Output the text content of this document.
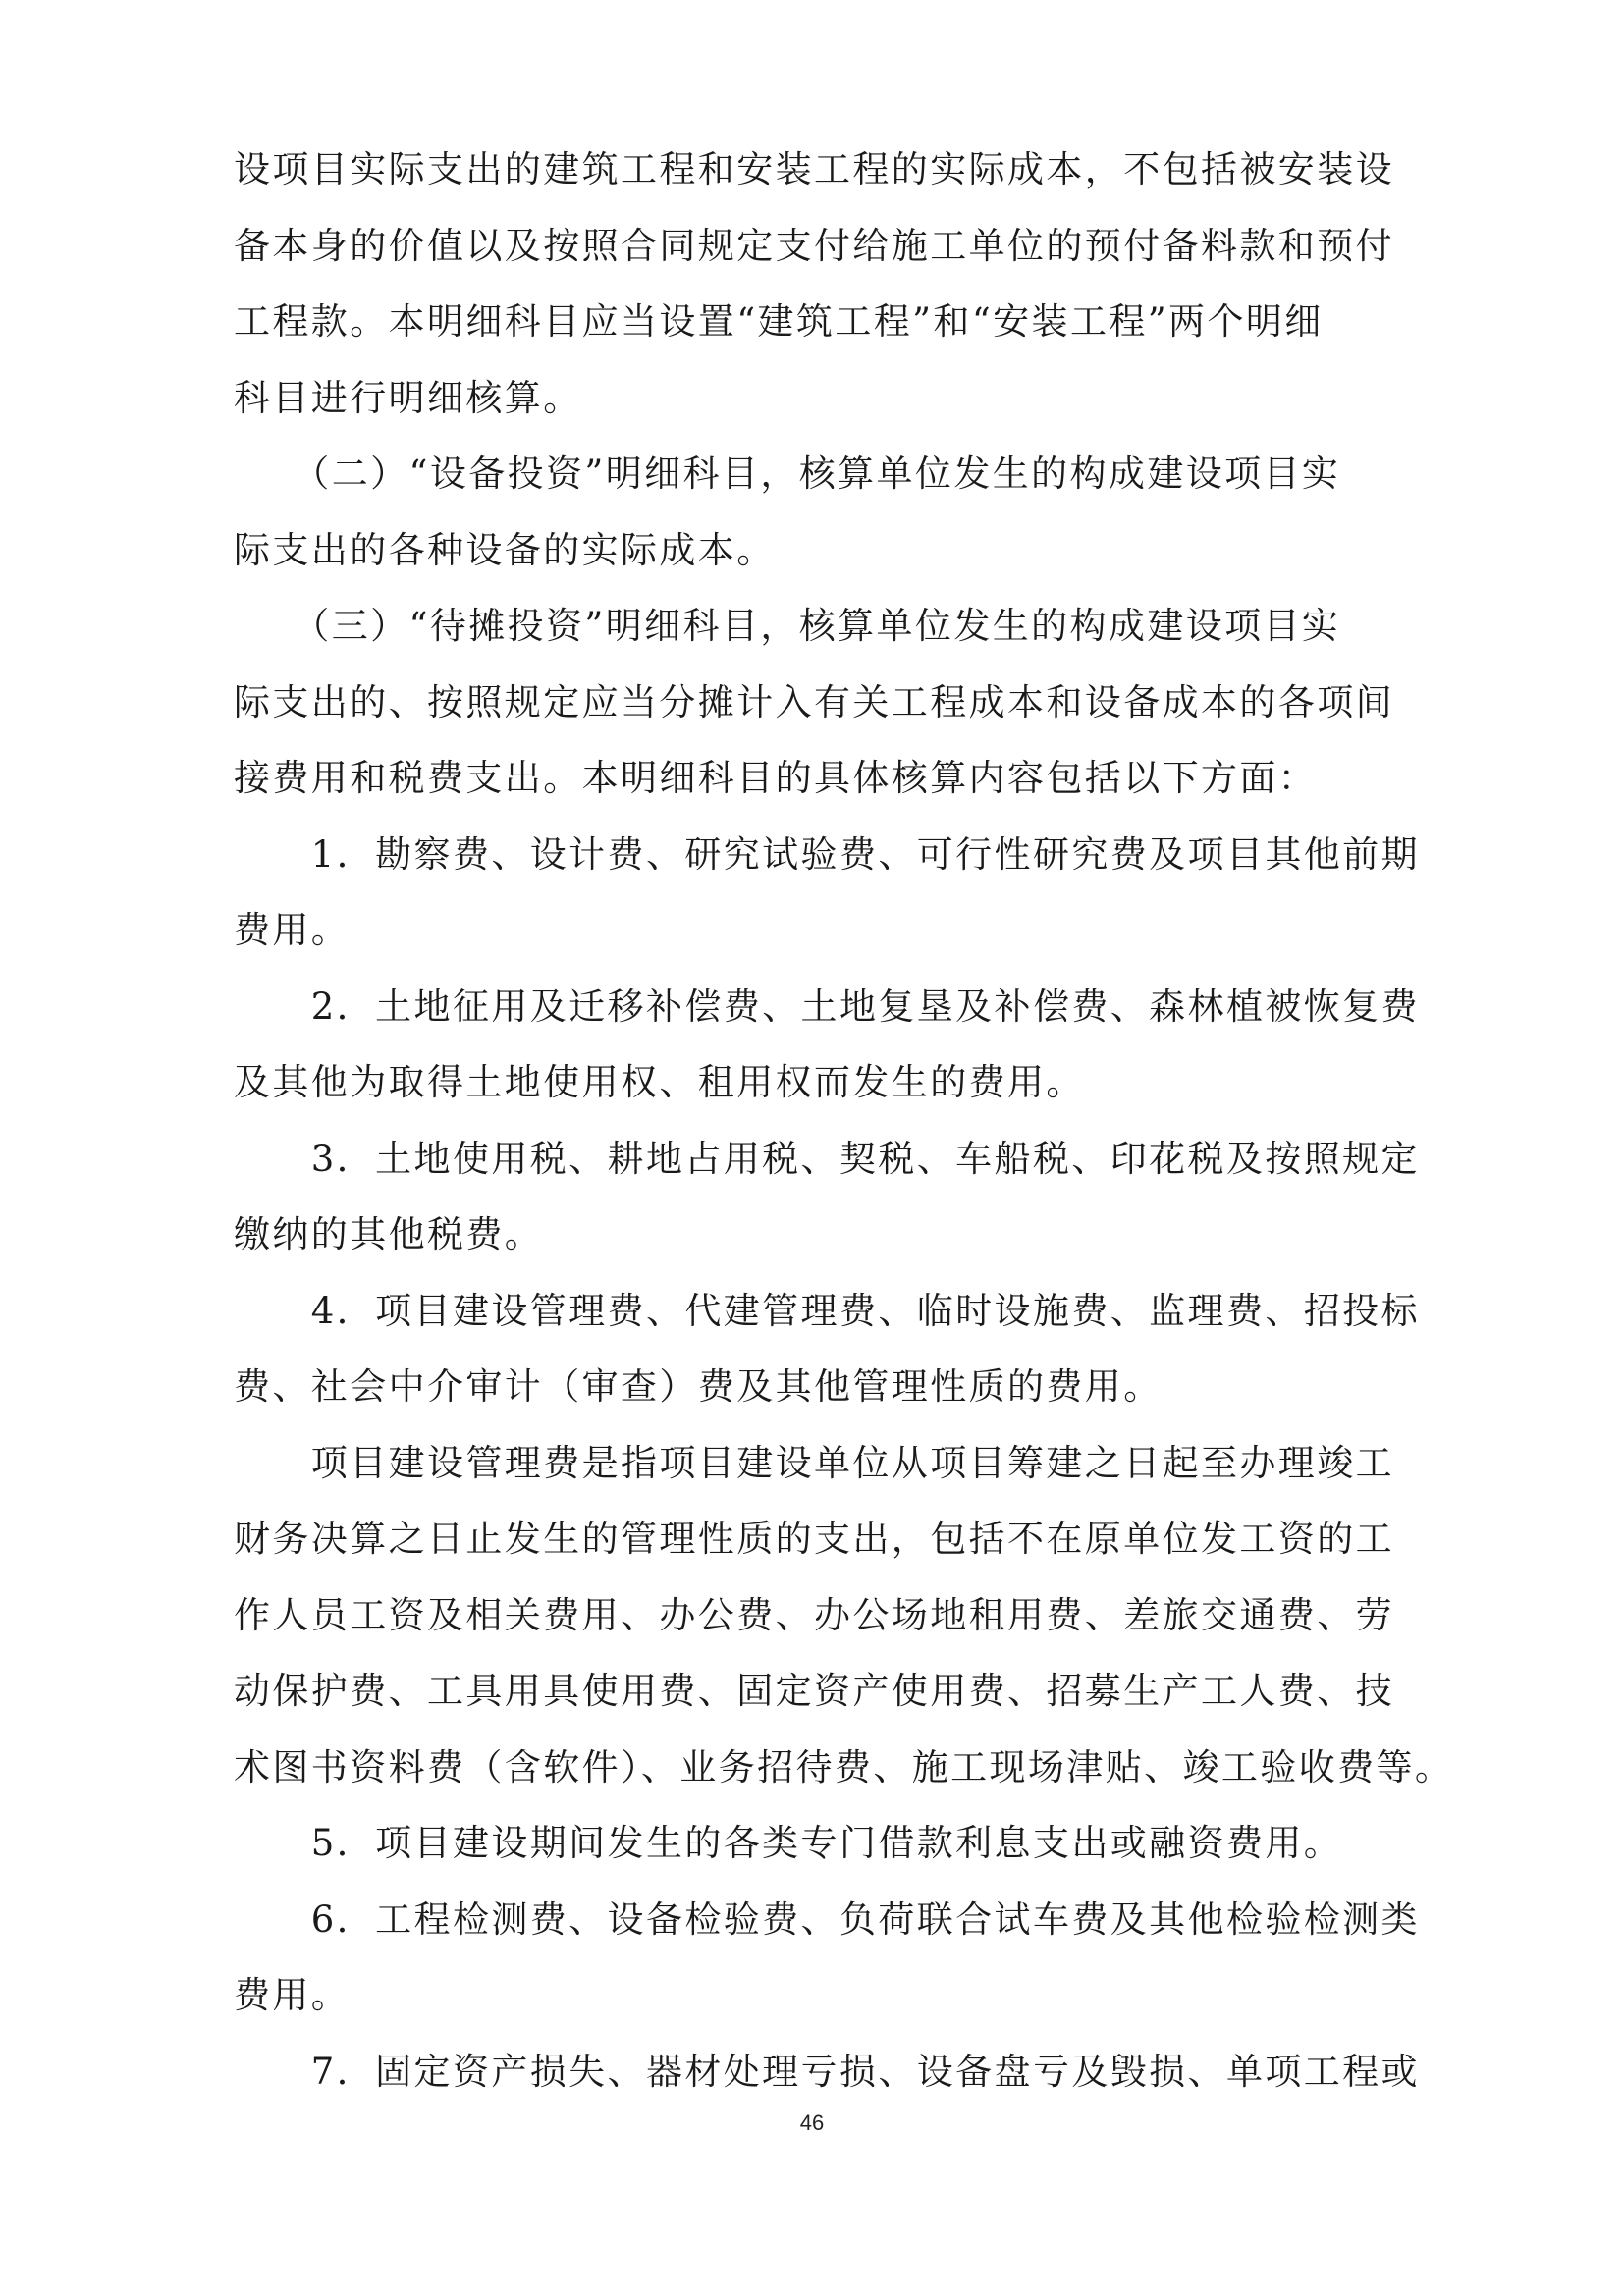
设项目实际支出的建筑工程和安装工程的实际成本，不包括被安装设
备本身的价值以及按照合同规定支付给施工单位的预付备料款和预付
工程款。本明细科目应当设置“建筑工程”和“安装工程”两个明细
科目进行明细核算。
　　（二）“设备投资”明细科目，核算单位发生的构成建设项目实
际支出的各种设备的实际成本。
　　（三）“待摊投资”明细科目，核算单位发生的构成建设项目实
际支出的、按照规定应当分摊计入有关工程成本和设备成本的各项间
接费用和税费支出。本明细科目的具体核算内容包括以下方面：
　　1．勘察费、设计费、研究试验费、可行性研究费及项目其他前期
费用。
　　2．土地征用及迁移补偿费、土地复垦及补偿费、森林植被恢复费
及其他为取得土地使用权、租用权而发生的费用。
　　3．土地使用税、耕地占用税、契税、车船税、印花税及按照规定
缴纳的其他税费。
　　4．项目建设管理费、代建管理费、临时设施费、监理费、招投标
费、社会中介审计（审查）费及其他管理性质的费用。
　　项目建设管理费是指项目建设单位从项目筹建之日起至办理竣工
财务决算之日止发生的管理性质的支出，包括不在原单位发工资的工
作人员工资及相关费用、办公费、办公场地租用费、差旅交通费、劳
动保护费、工具用具使用费、固定资产使用费、招募生产工人费、技
术图书资料费（含软件）、业务招待费、施工现场津贴、竣工验收费等。
　　5．项目建设期间发生的各类专门借款利息支出或融资费用。
　　6．工程检测费、设备检验费、负荷联合试车费及其他检验检测类
费用。
　　7．固定资产损失、器材处理亏损、设备盘亏及毁损、单项工程或
46
